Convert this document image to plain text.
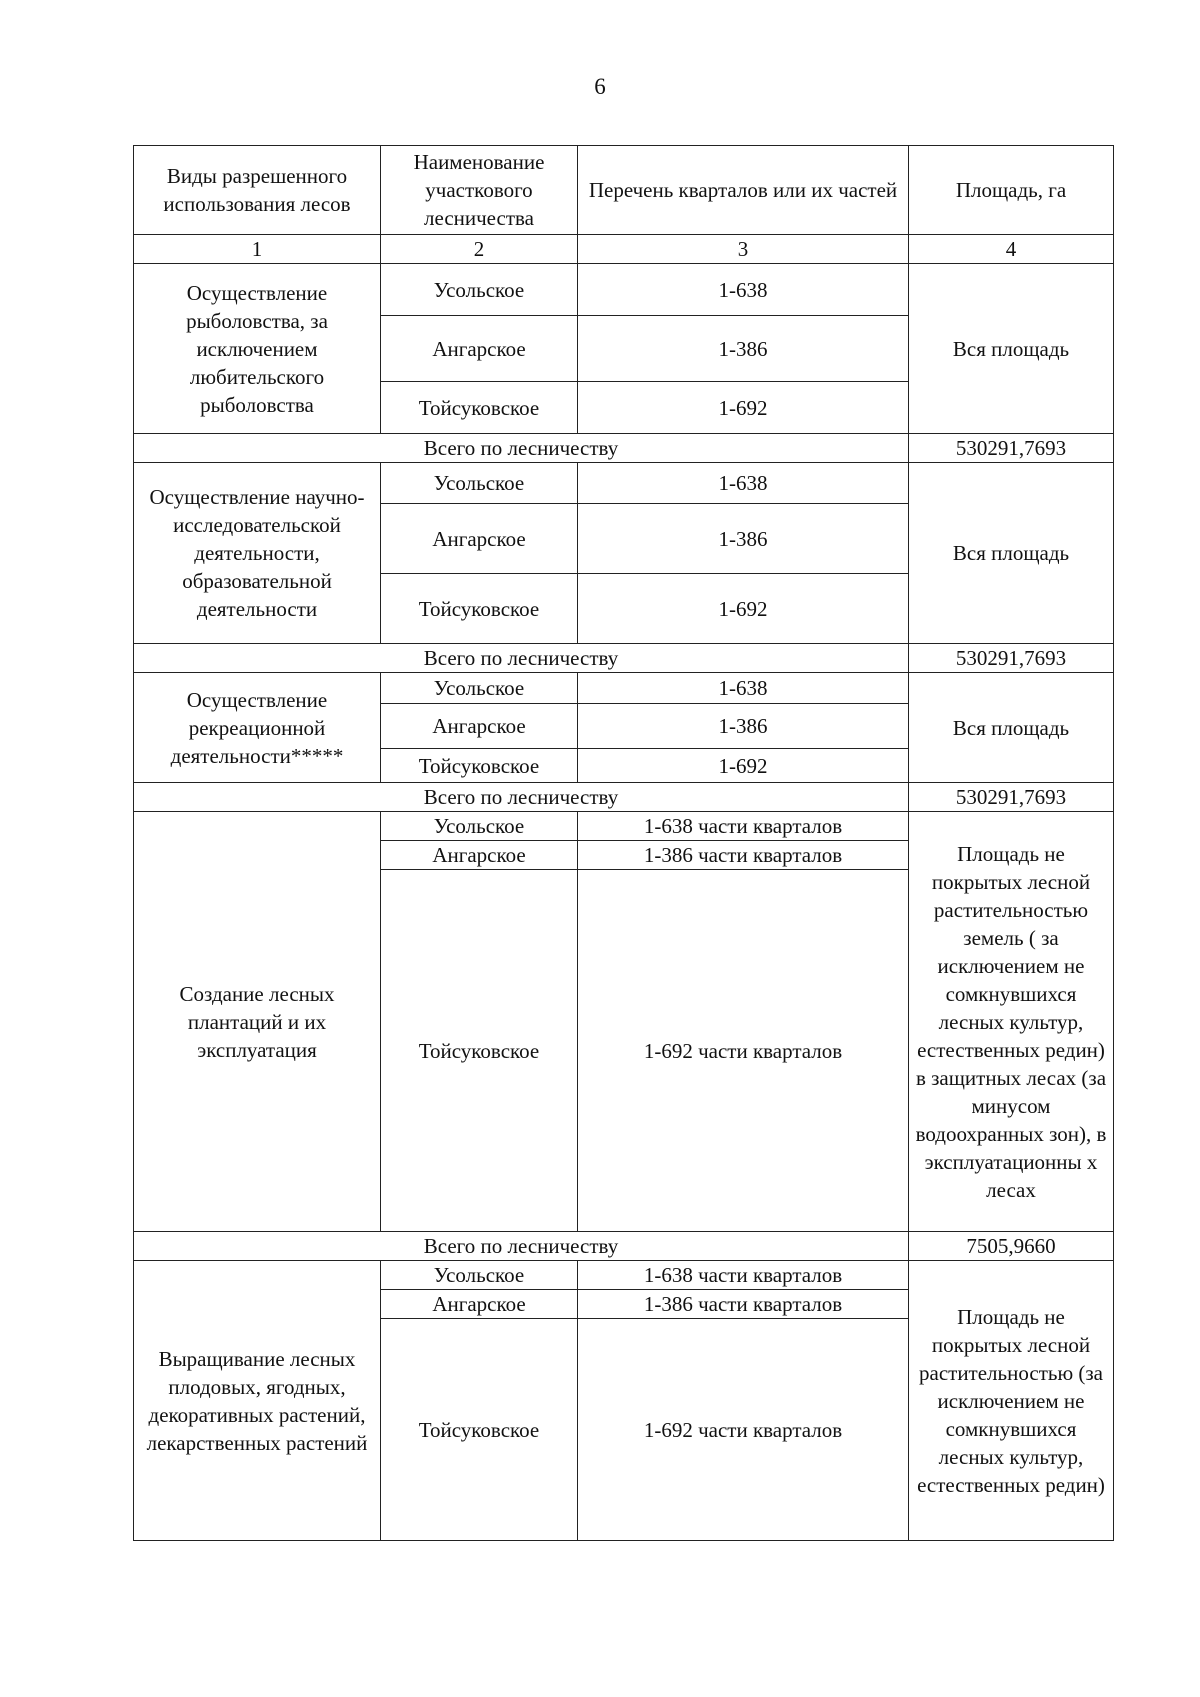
6
Виды разрешенного использования лесов	Наименование участкового лесничества	Перечень кварталов или их частей	Площадь, га
1	2	3	4
Осуществление рыболовства, за исключением любительского рыболовства	Усольское	1-638	Вся площадь
	Ангарское	1-386	
	Тойсуковское	1-692	
Всего по лесничеству			530291,7693
Осуществление научно-исследовательской деятельности, образовательной деятельности	Усольское	1-638	Вся площадь
	Ангарское	1-386	
	Тойсуковское	1-692	
Всего по лесничеству			530291,7693
Осуществление рекреационной деятельности*****	Усольское	1-638	Вся площадь
	Ангарское	1-386	
	Тойсуковское	1-692	
Всего по лесничеству			530291,7693
Создание лесных плантаций и их эксплуатация	Усольское	1-638 части кварталов	Площадь не покрытых лесной растительностью земель ( за исключением не сомкнувшихся лесных культур, естественных редин) в защитных лесах (за минусом водоохранных зон), в эксплуатационны х лесах
	Ангарское	1-386 части кварталов	
	Тойсуковское	1-692 части кварталов	
Всего по лесничеству			7505,9660
Выращивание лесных плодовых, ягодных, декоративных растений, лекарственных растений	Усольское	1-638 части кварталов	Площадь не покрытых лесной растительностью (за исключением не сомкнувшихся лесных культур, естественных редин)
	Ангарское	1-386 части кварталов	
	Тойсуковское	1-692 части кварталов	
